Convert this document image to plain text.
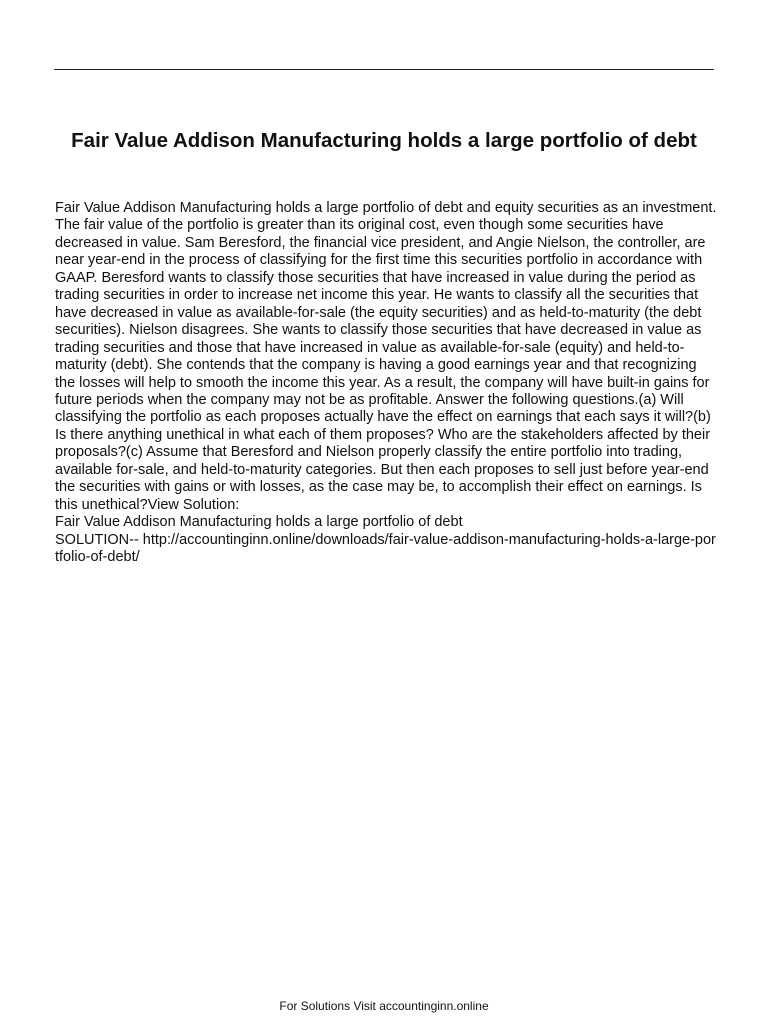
Fair Value Addison Manufacturing holds a large portfolio of debt

Fair Value Addison Manufacturing holds a large portfolio of debt and equity securities as an investment. The fair value of the portfolio is greater than its original cost, even though some securities have decreased in value. Sam Beresford, the financial vice president, and Angie Nielson, the controller, are near year-end in the process of classifying for the first time this securities portfolio in accordance with GAAP. Beresford wants to classify those securities that have increased in value during the period as trading securities in order to increase net income this year. He wants to classify all the securities that have decreased in value as available-for-sale (the equity securities) and as held-to-maturity (the debt securities). Nielson disagrees. She wants to classify those securities that have decreased in value as trading securities and those that have increased in value as available-for-sale (equity) and held-to-maturity (debt). She contends that the company is having a good earnings year and that recognizing the losses will help to smooth the income this year. As a result, the company will have built-in gains for future periods when the company may not be as profitable. Answer the following questions.(a) Will classifying the portfolio as each proposes actually have the effect on earnings that each says it will?(b) Is there anything unethical in what each of them proposes? Who are the stakeholders affected by their proposals?(c) Assume that Beresford and Nielson properly classify the entire portfolio into trading, available for-sale, and held-to-maturity categories. But then each proposes to sell just before year-end the securities with gains or with losses, as the case may be, to accomplish their effect on earnings. Is this unethical?View Solution:

Fair Value Addison Manufacturing holds a large portfolio of debt

SOLUTION-- http://accountinginn.online/downloads/fair-value-addison-manufacturing-holds-a-large-portfolio-of-debt/

For Solutions Visit accountinginn.online
